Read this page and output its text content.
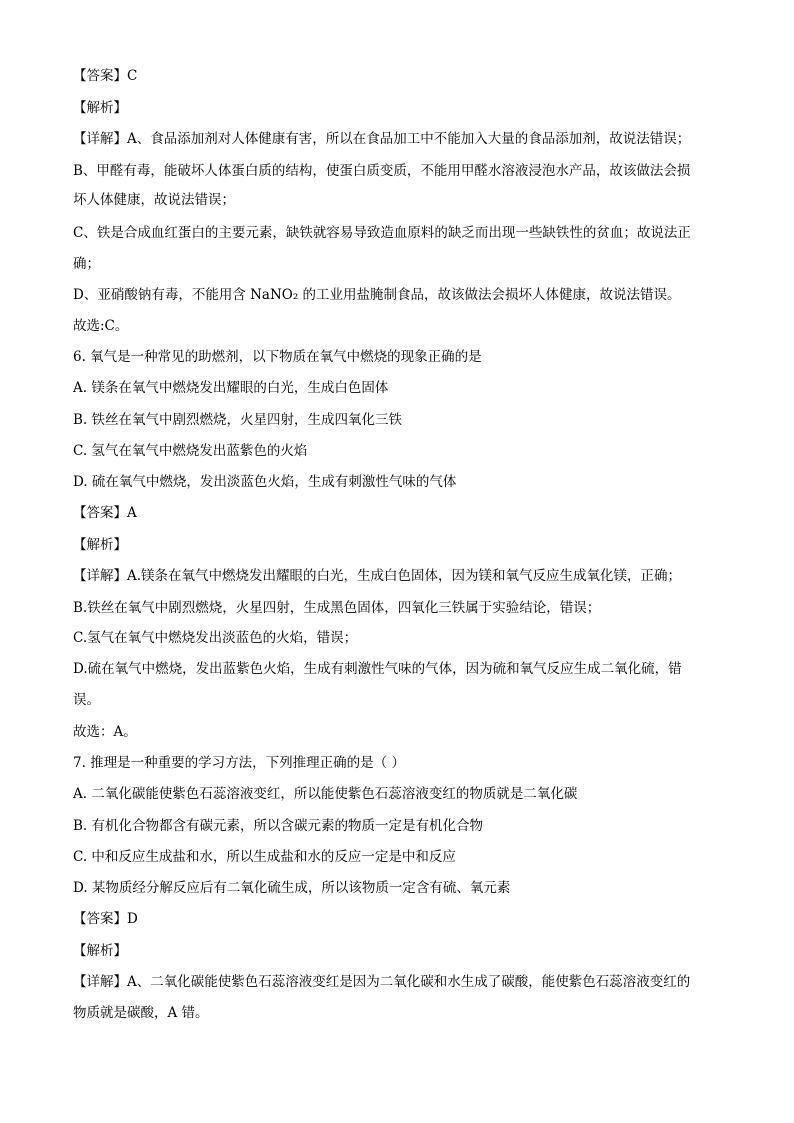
【答案】C
【解析】
【详解】A、食品添加剂对人体健康有害，所以在食品加工中不能加入大量的食品添加剂，故说法错误；
B、甲醛有毒，能破坏人体蛋白质的结构，使蛋白质变质，不能用甲醛水溶液浸泡水产品，故该做法会损
坏人体健康，故说法错误；
C、铁是合成血红蛋白的主要元素，缺铁就容易导致造血原料的缺乏而出现一些缺铁性的贫血；故说法正
确；
D、亚硝酸钠有毒，不能用含 NaNO₂ 的工业用盐腌制食品，故该做法会损坏人体健康，故说法错误。
故选:C。
6. 氧气是一种常见的助燃剂，以下物质在氧气中燃烧的现象正确的是
A. 镁条在氧气中燃烧发出耀眼的白光，生成白色固体
B. 铁丝在氧气中剧烈燃烧，火星四射，生成四氧化三铁
C. 氢气在氧气中燃烧发出蓝紫色的火焰
D. 硫在氧气中燃烧，发出淡蓝色火焰，生成有刺激性气味的气体
【答案】A
【解析】
【详解】A.镁条在氧气中燃烧发出耀眼的白光，生成白色固体，因为镁和氧气反应生成氧化镁，正确；
B.铁丝在氧气中剧烈燃烧，火星四射，生成黑色固体，四氧化三铁属于实验结论，错误；
C.氢气在氧气中燃烧发出淡蓝色的火焰，错误；
D.硫在氧气中燃烧，发出蓝紫色火焰，生成有刺激性气味的气体，因为硫和氧气反应生成二氧化硫，错
误。
故选：A。
7. 推理是一种重要的学习方法，下列推理正确的是（ ）
A. 二氧化碳能使紫色石蕊溶液变红，所以能使紫色石蕊溶液变红的物质就是二氧化碳
B. 有机化合物都含有碳元素，所以含碳元素的物质一定是有机化合物
C. 中和反应生成盐和水，所以生成盐和水的反应一定是中和反应
D. 某物质经分解反应后有二氧化硫生成，所以该物质一定含有硫、氧元素
【答案】D
【解析】
【详解】A、二氧化碳能使紫色石蕊溶液变红是因为二氧化碳和水生成了碳酸，能使紫色石蕊溶液变红的
物质就是碳酸，A 错。
